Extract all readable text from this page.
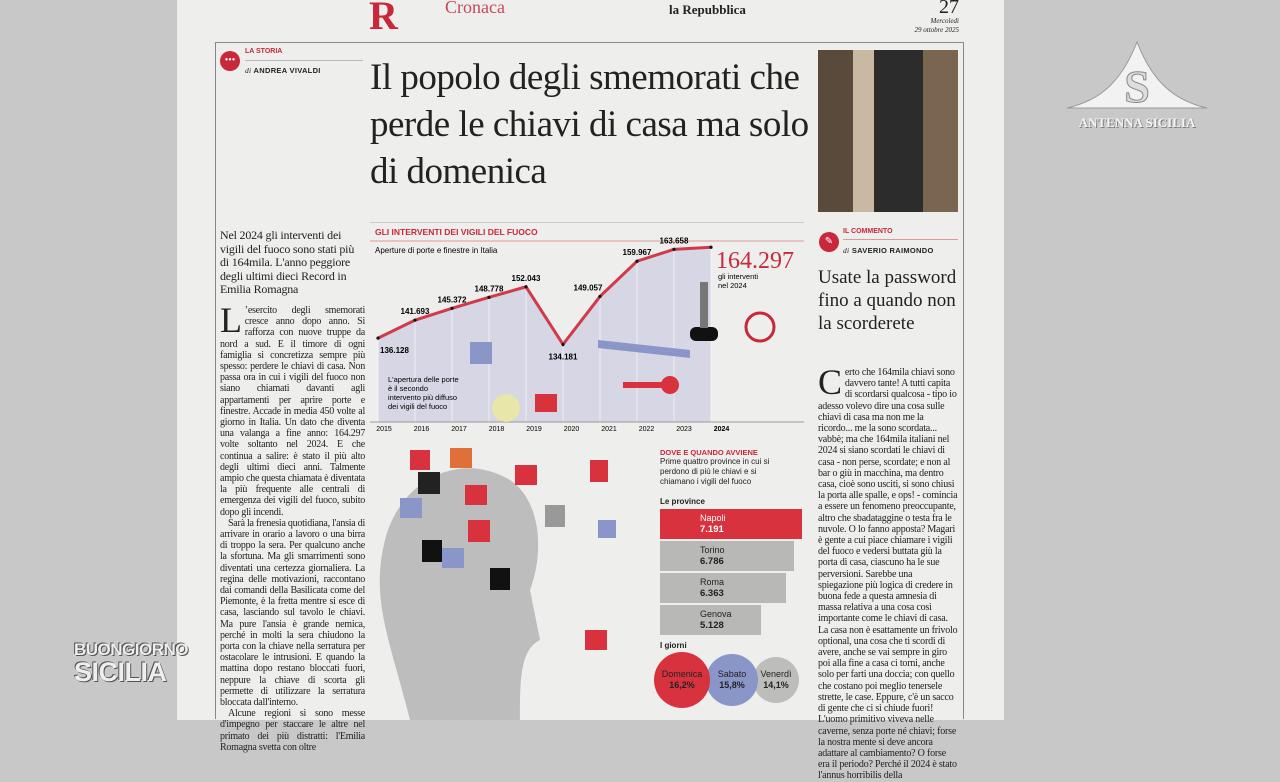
R	Cronaca	la Repubblica	27
Mercoledì
29 ottobre 2025
•••
LA STORIA
di ANDREA VIVALDI Il popolo degli smemorati che perde le chiavi di casa ma solo di domenica
Nel 2024 gli interventi dei vigili del fuoco sono stati più di 164mila. L'anno peggiore degli ultimi dieci Record in Emilia Romagna

L ’esercito degli smemorati cresce anno dopo anno. Si rafforza con nuove truppe da nord a sud. E il timore di ogni famiglia si concretizza sempre più spesso: perdere le chiavi di casa. Non passa ora in cui i vigili del fuoco non siano chiamati davanti agli appartamenti per aprire porte e finestre. Accade in media 450 volte al giorno in Italia. Un dato che diventa una valanga a fine anno: 164.297 volte soltanto nel 2024. E che continua a salire: è stato il più alto degli ultimi dieci anni. Talmente ampio che questa chiamata è diventata la più frequente alle centrali di emergenza dei vigili del fuoco, subito dopo gli incendi.

Sarà la frenesia quotidiana, l'ansia di arrivare in orario a lavoro o una birra di troppo la sera. Per qualcuno anche la sfortuna. Ma gli smarrimenti sono diventati una certezza giornaliera. La regina delle motivazioni, raccontano dai comandi della Basilicata come del Piemonte, è la fretta mentre si esce di casa, lasciando sul tavolo le chiavi. Ma pure l'ansia è grande nemica, perché in molti la sera chiudono la porta con la chiave nella serratura per ostacolare le intrusioni. E quando la mattina dopo restano bloccati fuori, neppure la chiave di scorta gli permette di utilizzare la serratura bloccata dall'interno.

Alcune regioni si sono messe d'impegno per staccare le altre nel primato dei più distratti: l'Emilia Romagna svetta con oltre

GLI INTERVENTI DEI VIGILI DEL FUOCO
Aperture di porte e finestre in Italia
136.128
2015
141.693
2016
145.372
2017
148.778
2018
152.043
2019
134.181
2020
149.057
2021
159.967
2022
163.658
2023	2024
164.297
gli interventi
nel 2024
L'apertura delle porte
è il secondo
intervento più diffuso
dei vigili del fuoco
DOVE E QUANDO AVVIENE
Prime quattro province in cui si perdono di più le chiavi e si chiamano i vigili del fuoco
Le province
Napoli
7.191
Torino
6.786
Roma
6.363
Genova
5.128
I giorni
Domenica
16,2%
Sabato
15,8%
Venerdì
14,1%
✎
IL COMMENTO
di SAVERIO RAIMONDO
Usate la password fino a quando non la scorderete
Certo che 164mila chiavi sono davvero tante! A tutti capita di scordarsi qualcosa - tipo io adesso volevo dire una cosa sulle chiavi di casa ma non me la ricordo... me la sono scordata... vabbè; ma che 164mila italiani nel 2024 si siano scordati le chiavi di casa - non perse, scordate; e non al bar o giù in macchina, ma dentro casa, cioè sono usciti, si sono chiusi la porta alle spalle, e ops! - comincia a essere un fenomeno preoccupante, altro che sbadataggine o testa fra le nuvole. O lo fanno apposta? Magari è gente a cui piace chiamare i vigili del fuoco e vedersi buttata giù la porta di casa, ciascuno ha le sue perversioni. Sarebbe una spiegazione più logica di credere in buona fede a questa amnesia di massa relativa a una cosa così importante come le chiavi di casa. La casa non è esattamente un frivolo optional, una cosa che ti scordi di avere, anche se vai sempre in giro poi alla fine a casa ci torni, anche solo per farti una doccia; con quello che costano poi meglio tenersele strette, le case. Eppure, c'è un sacco di gente che ci si chiude fuori! L'uomo primitivo viveva nelle caverne, senza porte né chiavi; forse la nostra mente si deve ancora adattare al cambiamento? O forse era il periodo? Perché il 2024 è stato l'annus horribilis della
S
ANTENNA SICILIA
BUONGIORNO
SICILIA
